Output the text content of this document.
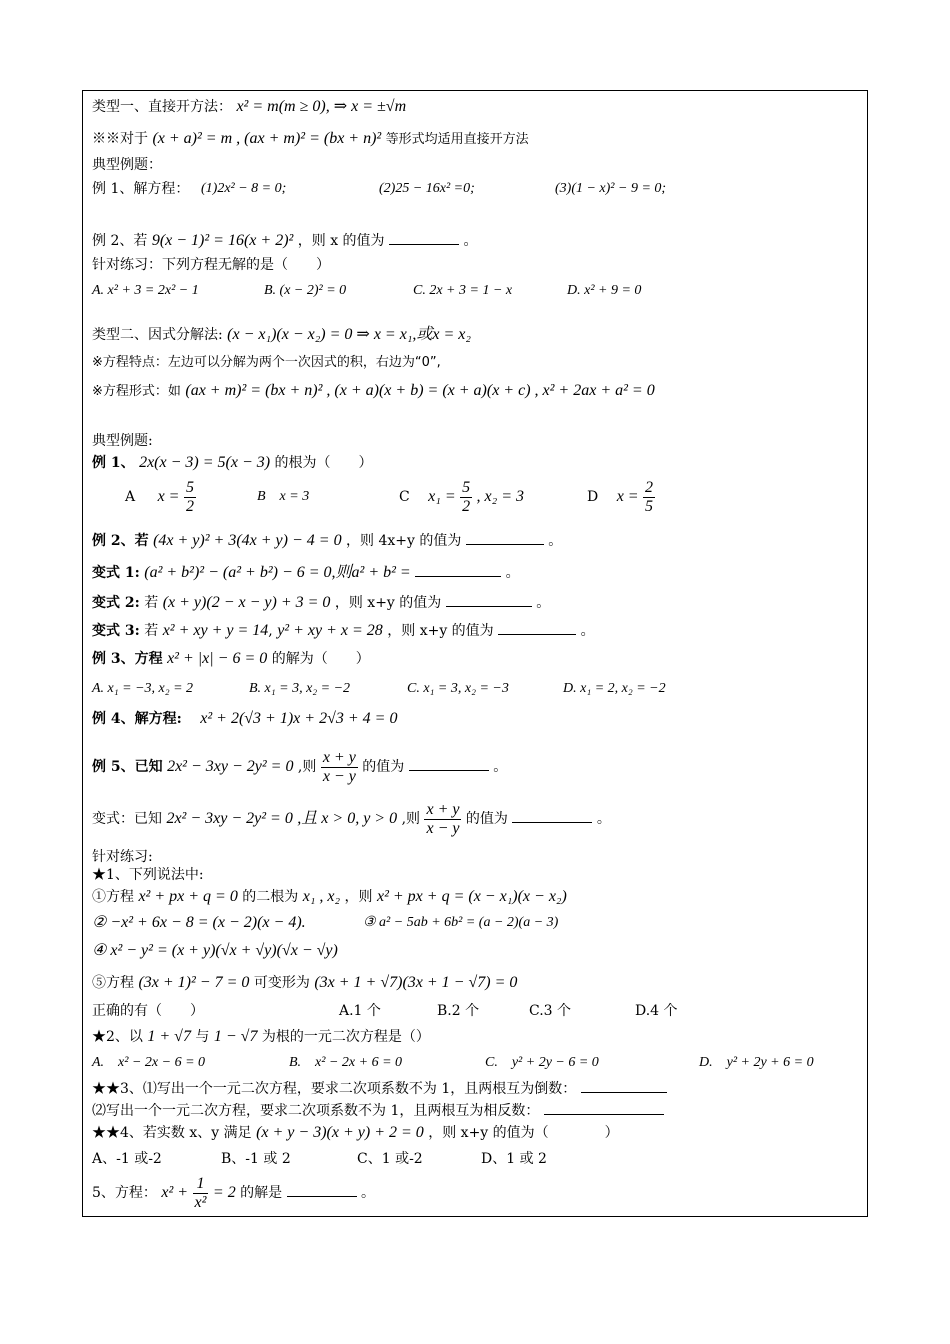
类型一、直接开方法： x² = m(m ≥ 0), ⇒ x = ±√m
※※对于 (x + a)² = m , (ax + m)² = (bx + n)² 等形式均适用直接开方法
典型例题：
例 1、解方程： (1)2x² − 8 = 0;	(2)25 − 16x² =0;	(3)(1 − x)² − 9 = 0;
例 2、若 9(x − 1)² = 16(x + 2)² ，则 x 的值为	。
针对练习：下列方程无解的是（　　）
A. x² + 3 = 2x² − 1	B. (x − 2)² = 0	C. 2x + 3 = 1 − x	D. x² + 9 = 0
类型二、因式分解法: (x − x₁)(x − x₂) = 0 ⇒ x = x₁,或x = x₂
※方程特点：左边可以分解为两个一次因式的积，右边为“0”,
※方程形式：如 (ax + m)² = (bx + n)² , (x + a)(x + b) = (x + a)(x + c) , x² + 2ax + a² = 0
典型例题:
例 1、 2x(x − 3) = 5(x − 3) 的根为（　　）
A $x = \frac{5}{2}$	B　x = 3	C $x_1 = \frac{5}{2}$ , x₂ = 3	D $x = \frac{2}{5}$
例 2、若 (4x + y)² + 3(4x + y) − 4 = 0 ，则 4x+y 的值为	。
变式 1: (a² + b²)² − (a² + b²) − 6 = 0,则a² + b² =	。
变式 2: 若 (x + y)(2 − x − y) + 3 = 0 ，则 x+y 的值为	。
变式 3: 若 x² + xy + y = 14, y² + xy + x = 28 ，则 x+y 的值为	。
例 3、方程 x² + |x| − 6 = 0 的解为（　　）
A. x₁ = −3, x₂ = 2	B. x₁ = 3, x₂ = −2	C. x₁ = 3, x₂ = −3	D. x₁ = 2, x₂ = −2
例 4、解方程: x² + 2(√3 + 1)x + 2√3 + 4 = 0
例 5、已知 2x² − 3xy − 2y² = 0 ,则 $\frac{x + y}{x - y}$ 的值为	。
变式：已知 2x² − 3xy − 2y² = 0 ,且 x > 0, y > 0 ,则 $\frac{x + y}{x - y}$ 的值为	。
针对练习:
★1、下列说法中:
①方程 x² + px + q = 0 的二根为 x₁ , x₂ ，则 x² + px + q = (x − x₁)(x − x₂)
② −x² + 6x − 8 = (x − 2)(x − 4).	③ a² − 5ab + 6b² = (a − 2)(a − 3)
④ x² − y² = (x + y)(√x + √y)(√x − √y)
⑤方程 (3x + 1)² − 7 = 0 可变形为 (3x + 1 + √7)(3x + 1 − √7) = 0
正确的有（　　）	A.1 个	B.2 个	C.3 个	D.4 个
★2、以 1 + √7 与 1 − √7 为根的一元二次方程是（）
A.　x² − 2x − 6 = 0	B.　x² − 2x + 6 = 0	C.　y² + 2y − 6 = 0	D.　y² + 2y + 6 = 0
★★3、⑴写出一个一元二次方程，要求二次项系数不为 1，且两根互为倒数：
⑵写出一个一元二次方程，要求二次项系数不为 1，且两根互为相反数：
★★4、若实数 x、y 满足 (x + y − 3)(x + y) + 2 = 0 ，则 x+y 的值为（　　　　）
A、-1 或-2	B、-1 或 2	C、1 或-2	D、1 或 2
5、方程： $x^2 + \frac{1}{\text{x²}} = 2$ 的解是	。
